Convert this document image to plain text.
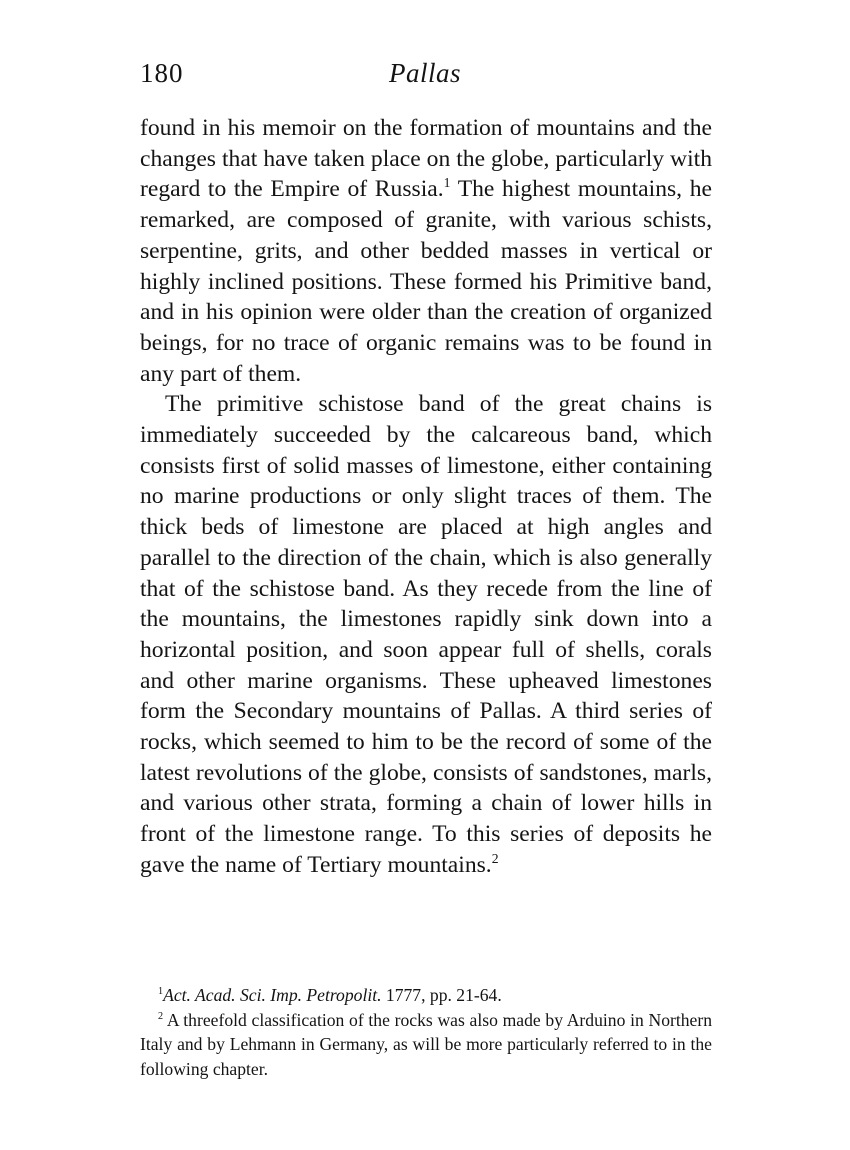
180	Pallas

found in his memoir on the formation of mountains and the changes that have taken place on the globe, particularly with regard to the Empire of Russia.$^1$ The highest mountains, he remarked, are composed of granite, with various schists, serpentine, grits, and other bedded masses in vertical or highly inclined positions. These formed his Primitive band, and in his opinion were older than the creation of organized beings, for no trace of organic remains was to be found in any part of them.

The primitive schistose band of the great chains is immediately succeeded by the calcareous band, which consists first of solid masses of limestone, either containing no marine productions or only slight traces of them. The thick beds of limestone are placed at high angles and parallel to the direction of the chain, which is also generally that of the schistose band. As they recede from the line of the mountains, the limestones rapidly sink down into a horizontal position, and soon appear full of shells, corals and other marine organisms. These upheaved limestones form the Secondary mountains of Pallas. A third series of rocks, which seemed to him to be the record of some of the latest revolutions of the globe, consists of sandstones, marls, and various other strata, forming a chain of lower hills in front of the limestone range. To this series of deposits he gave the name of Tertiary mountains.$^2$

$^1$Act. Acad. Sci. Imp. Petropolit. 1777, pp. 21-64.

$^2$ A threefold classification of the rocks was also made by Arduino in Northern Italy and by Lehmann in Germany, as will be more particularly referred to in the following chapter.
